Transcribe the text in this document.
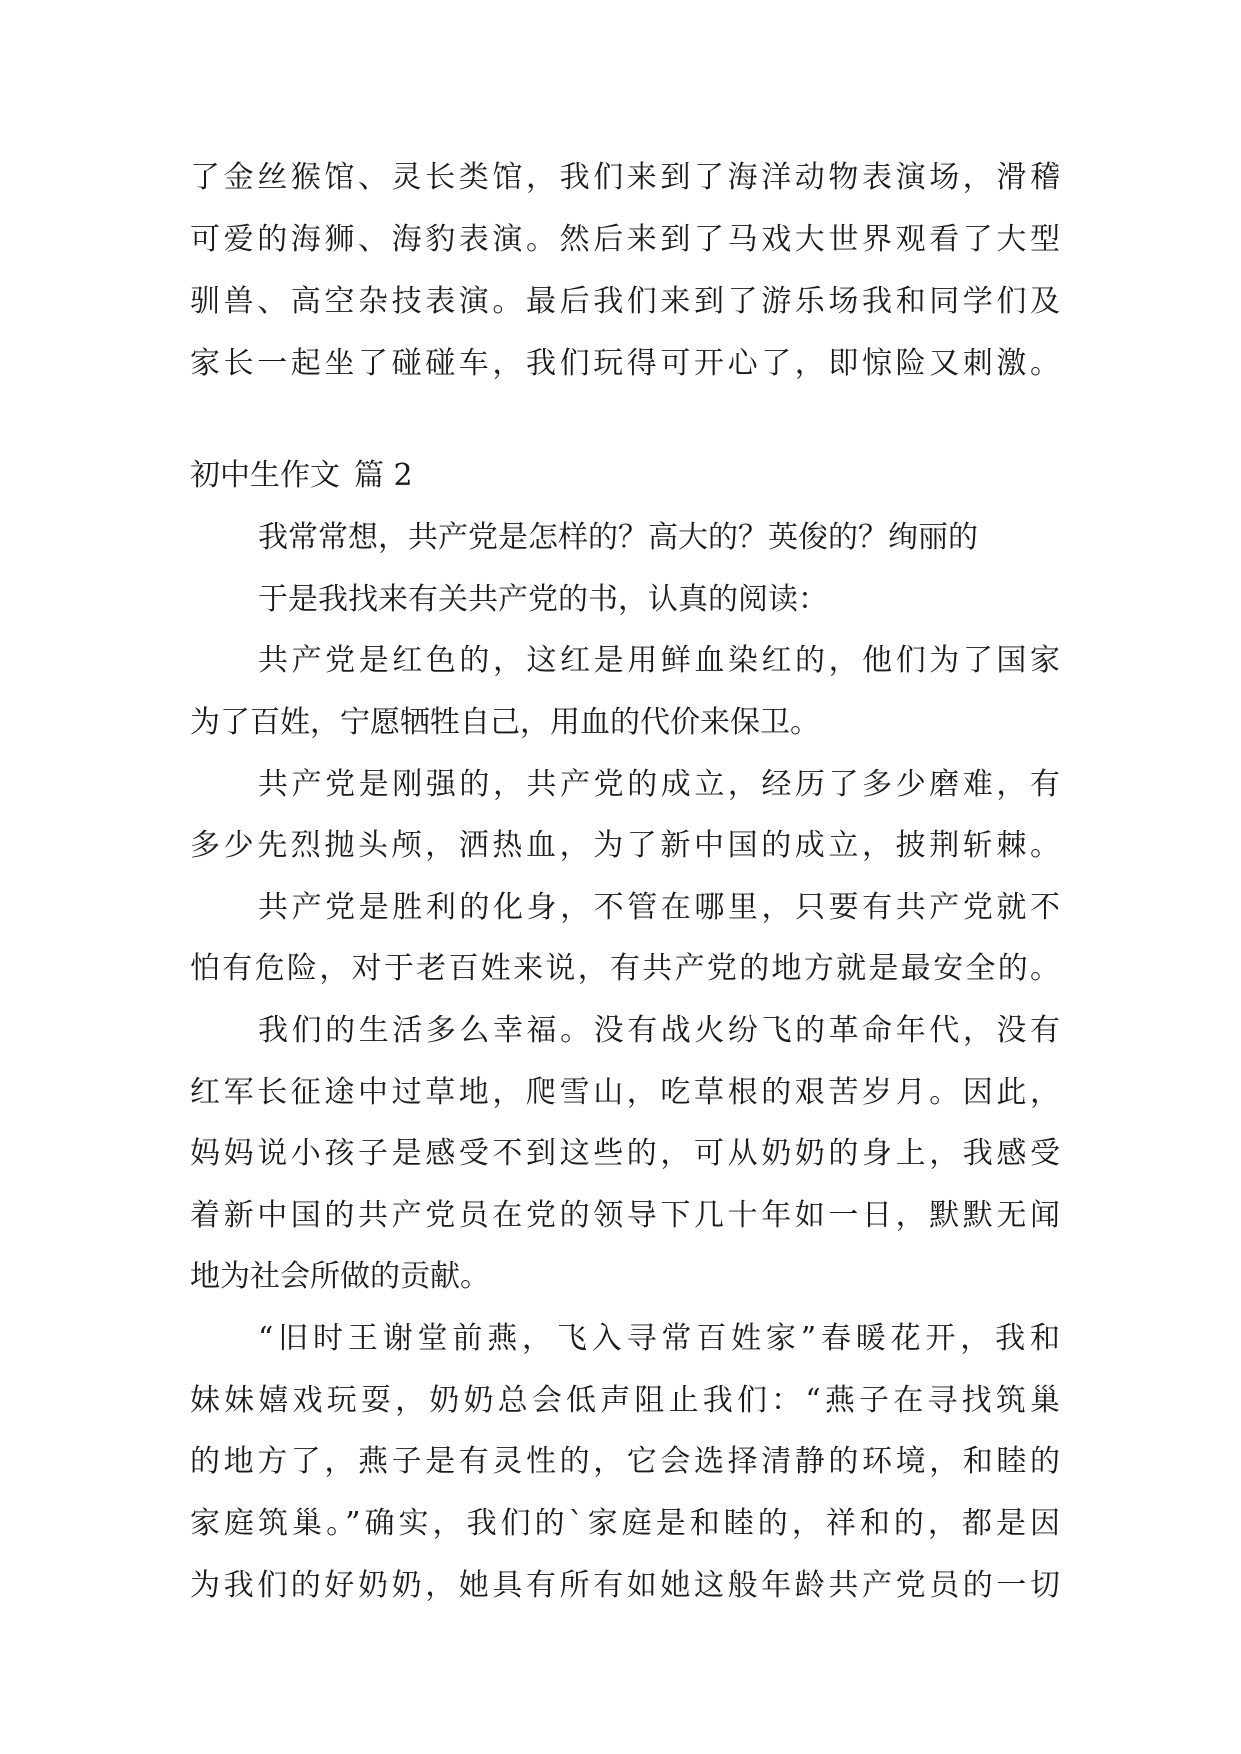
了金丝猴馆、灵长类馆，我们来到了海洋动物表演场，滑稽
可爱的海狮、海豹表演。然后来到了马戏大世界观看了大型
驯兽、高空杂技表演。最后我们来到了游乐场我和同学们及
家长一起坐了碰碰车，我们玩得可开心了，即惊险又刺激。
初中生作文 篇 2
我常常想，共产党是怎样的？高大的？英俊的？绚丽的
于是我找来有关共产党的书，认真的阅读：
共产党是红色的，这红是用鲜血染红的，他们为了国家
为了百姓，宁愿牺牲自己，用血的代价来保卫。
共产党是刚强的，共产党的成立，经历了多少磨难，有
多少先烈抛头颅，洒热血，为了新中国的成立，披荆斩棘。
共产党是胜利的化身，不管在哪里，只要有共产党就不
怕有危险，对于老百姓来说，有共产党的地方就是最安全的。
我们的生活多么幸福。没有战火纷飞的革命年代，没有
红军长征途中过草地，爬雪山，吃草根的艰苦岁月。因此，
妈妈说小孩子是感受不到这些的，可从奶奶的身上，我感受
着新中国的共产党员在党的领导下几十年如一日，默默无闻
地为社会所做的贡献。
“旧时王谢堂前燕，飞入寻常百姓家”春暖花开，我和
妹妹嬉戏玩耍，奶奶总会低声阻止我们：“燕子在寻找筑巢
的地方了，燕子是有灵性的，它会选择清静的环境，和睦的
家庭筑巢。”确实，我们的`家庭是和睦的，祥和的，都是因
为我们的好奶奶，她具有所有如她这般年龄共产党员的一切
